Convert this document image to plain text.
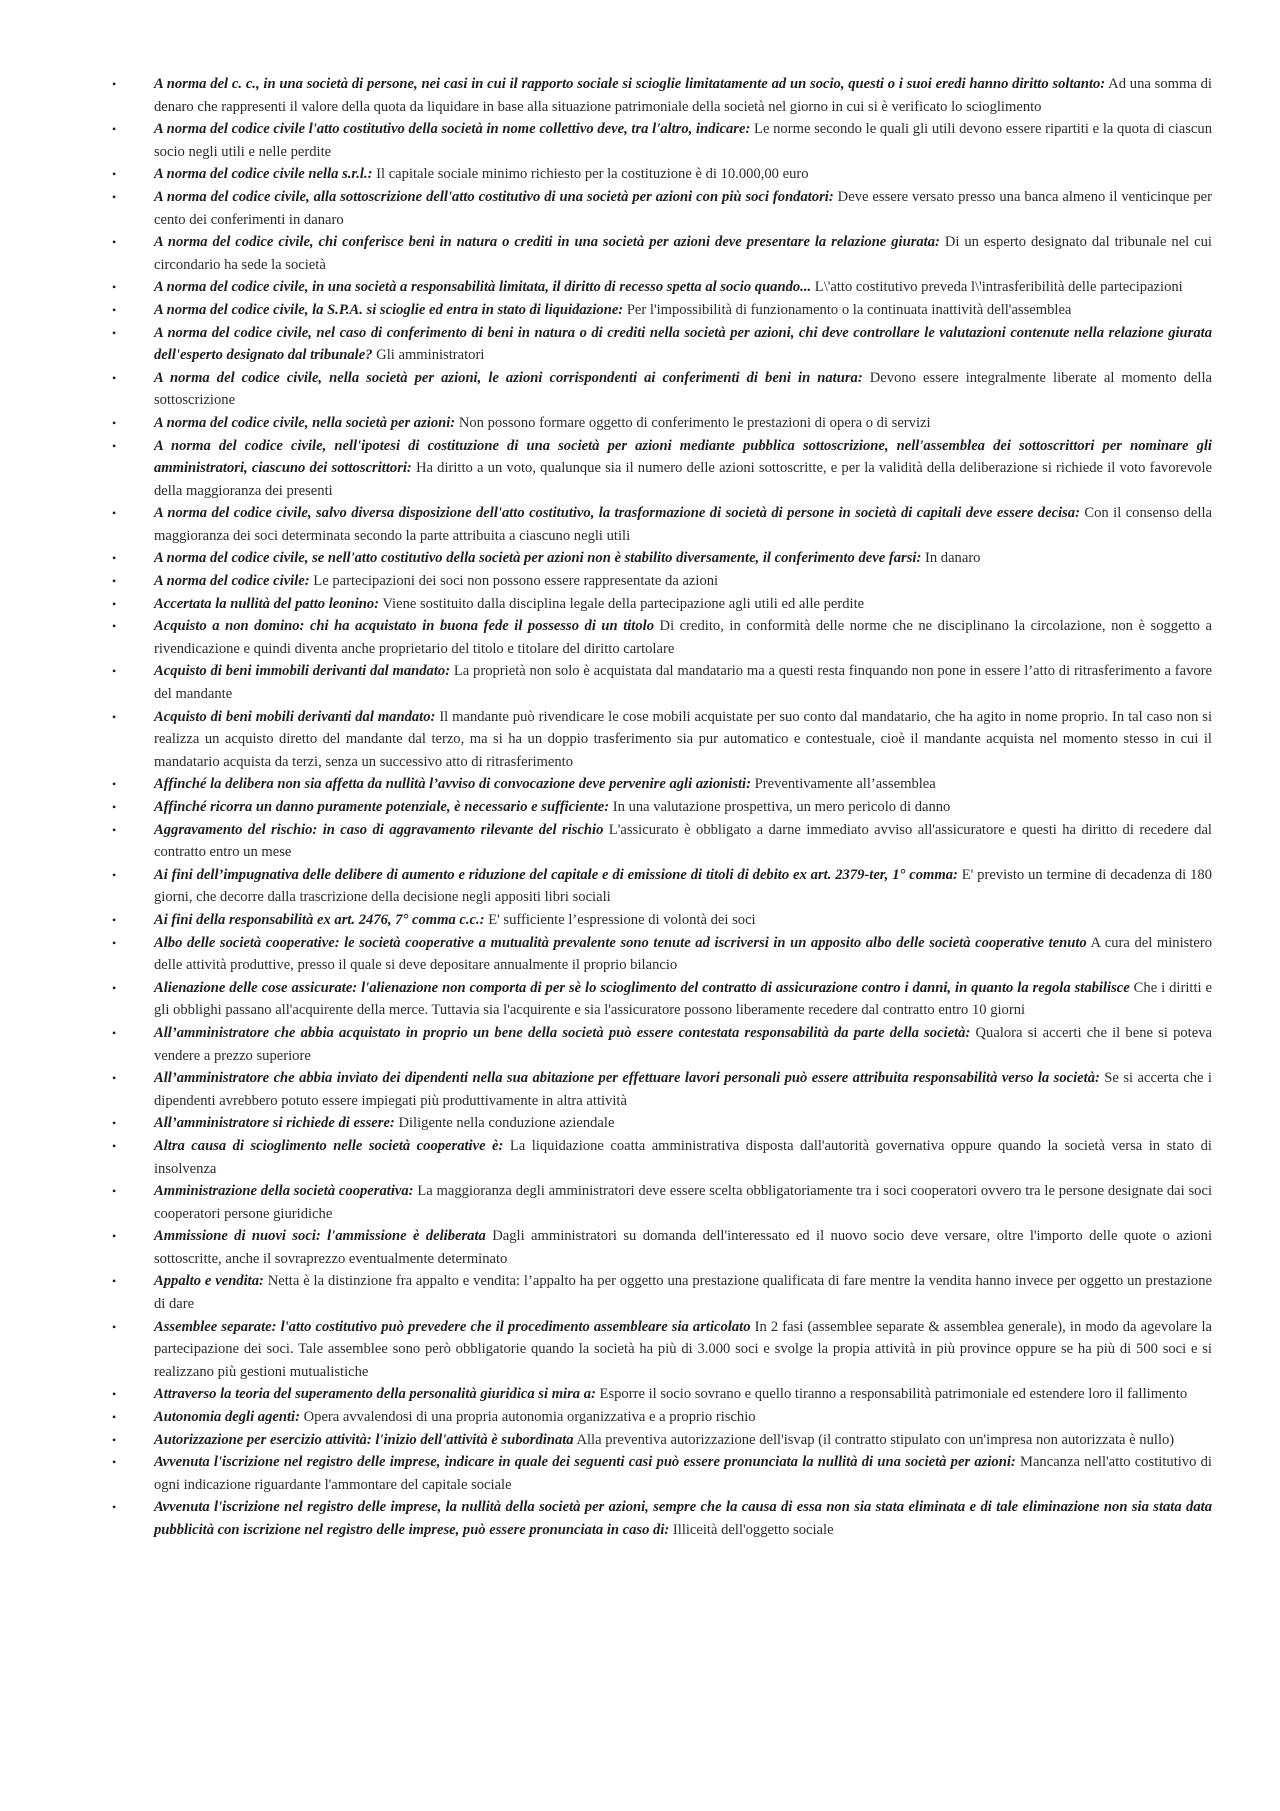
•	A norma del c. c., in una società di persone, nei casi in cui il rapporto sociale si scioglie limitatamente ad un socio, questi o i suoi eredi hanno diritto soltanto: Ad una somma di denaro che rappresenti il valore della quota da liquidare in base alla situazione patrimoniale della società nel giorno in cui si è verificato lo scioglimento
•	A norma del codice civile l'atto costitutivo della società in nome collettivo deve, tra l'altro, indicare: Le norme secondo le quali gli utili devono essere ripartiti e la quota di ciascun socio negli utili e nelle perdite
•	A norma del codice civile nella s.r.l.: Il capitale sociale minimo richiesto per la costituzione è di 10.000,00 euro
•	A norma del codice civile, alla sottoscrizione dell'atto costitutivo di una società per azioni con più soci fondatori: Deve essere versato presso una banca almeno il venticinque per cento dei conferimenti in danaro
•	A norma del codice civile, chi conferisce beni in natura o crediti in una società per azioni deve presentare la relazione giurata: Di un esperto designato dal tribunale nel cui circondario ha sede la società
•	A norma del codice civile, in una società a responsabilità limitata, il diritto di recesso spetta al socio quando... L\'atto costitutivo preveda l\'intrasferibilità delle partecipazioni
•	A norma del codice civile, la S.P.A. si scioglie ed entra in stato di liquidazione: Per l'impossibilità di funzionamento o la continuata inattività dell'assemblea
•	A norma del codice civile, nel caso di conferimento di beni in natura o di crediti nella società per azioni, chi deve controllare le valutazioni contenute nella relazione giurata dell'esperto designato dal tribunale? Gli amministratori
•	A norma del codice civile, nella società per azioni, le azioni corrispondenti ai conferimenti di beni in natura: Devono essere integralmente liberate al momento della sottoscrizione
•	A norma del codice civile, nella società per azioni: Non possono formare oggetto di conferimento le prestazioni di opera o di servizi
•	A norma del codice civile, nell'ipotesi di costituzione di una società per azioni mediante pubblica sottoscrizione, nell'assemblea dei sottoscrittori per nominare gli amministratori, ciascuno dei sottoscrittori: Ha diritto a un voto, qualunque sia il numero delle azioni sottoscritte, e per la validità della deliberazione si richiede il voto favorevole della maggioranza dei presenti
•	A norma del codice civile, salvo diversa disposizione dell'atto costitutivo, la trasformazione di società di persone in società di capitali deve essere decisa: Con il consenso della maggioranza dei soci determinata secondo la parte attribuita a ciascuno negli utili
•	A norma del codice civile, se nell'atto costitutivo della società per azioni non è stabilito diversamente, il conferimento deve farsi: In danaro
•	A norma del codice civile: Le partecipazioni dei soci non possono essere rappresentate da azioni
•	Accertata la nullità del patto leonino: Viene sostituito dalla disciplina legale della partecipazione agli utili ed alle perdite
•	Acquisto a non domino: chi ha acquistato in buona fede il possesso di un titolo Di credito, in conformità delle norme che ne disciplinano la circolazione, non è soggetto a rivendicazione e quindi diventa anche proprietario del titolo e titolare del diritto cartolare
•	Acquisto di beni immobili derivanti dal mandato: La proprietà non solo è acquistata dal mandatario ma a questi resta finquando non pone in essere l’atto di ritrasferimento a favore del mandante
•	Acquisto di beni mobili derivanti dal mandato: Il mandante può rivendicare le cose mobili acquistate per suo conto dal mandatario, che ha agito in nome proprio. In tal caso non si realizza un acquisto diretto del mandante dal terzo, ma si ha un doppio trasferimento sia pur automatico e contestuale, cioè il mandante acquista nel momento stesso in cui il mandatario acquista da terzi, senza un successivo atto di ritrasferimento
•	Affinché la delibera non sia affetta da nullità l’avviso di convocazione deve pervenire agli azionisti: Preventivamente all’assemblea
•	Affinché ricorra un danno puramente potenziale, è necessario e sufficiente: In una valutazione prospettiva, un mero pericolo di danno
•	Aggravamento del rischio: in caso di aggravamento rilevante del rischio L'assicurato è obbligato a darne immediato avviso all'assicuratore e questi ha diritto di recedere dal contratto entro un mese
•	Ai fini dell’impugnativa delle delibere di aumento e riduzione del capitale e di emissione di titoli di debito ex art. 2379-ter, 1° comma: E' previsto un termine di decadenza di 180 giorni, che decorre dalla trascrizione della decisione negli appositi libri sociali
•	Ai fini della responsabilità ex art. 2476, 7° comma c.c.: E' sufficiente l’espressione di volontà dei soci
•	Albo delle società cooperative: le società cooperative a mutualità prevalente sono tenute ad iscriversi in un apposito albo delle società cooperative tenuto A cura del ministero delle attività produttive, presso il quale si deve depositare annualmente il proprio bilancio
•	Alienazione delle cose assicurate: l'alienazione non comporta di per sè lo scioglimento del contratto di assicurazione contro i danni, in quanto la regola stabilisce Che i diritti e gli obblighi passano all'acquirente della merce. Tuttavia sia l'acquirente e sia l'assicuratore possono liberamente recedere dal contratto entro 10 giorni
•	All’amministratore che abbia acquistato in proprio un bene della società può essere contestata responsabilità da parte della società: Qualora si accerti che il bene si poteva vendere a prezzo superiore
•	All’amministratore che abbia inviato dei dipendenti nella sua abitazione per effettuare lavori personali può essere attribuita responsabilità verso la società: Se si accerta che i dipendenti avrebbero potuto essere impiegati più produttivamente in altra attività
•	All’amministratore si richiede di essere: Diligente nella conduzione aziendale
•	Altra causa di scioglimento nelle società cooperative è: La liquidazione coatta amministrativa disposta dall'autorità governativa oppure quando la società versa in stato di insolvenza
•	Amministrazione della società cooperativa: La maggioranza degli amministratori deve essere scelta obbligatoriamente tra i soci cooperatori ovvero tra le persone designate dai soci cooperatori persone giuridiche
•	Ammissione di nuovi soci: l'ammissione è deliberata Dagli amministratori su domanda dell'interessato ed il nuovo socio deve versare, oltre l'importo delle quote o azioni sottoscritte, anche il sovraprezzo eventualmente determinato
•	Appalto e vendita: Netta è la distinzione fra appalto e vendita: l’appalto ha per oggetto una prestazione qualificata di fare mentre la vendita hanno invece per oggetto un prestazione di dare
•	Assemblee separate: l'atto costitutivo può prevedere che il procedimento assembleare sia articolato In 2 fasi (assemblee separate & assemblea generale), in modo da agevolare la partecipazione dei soci. Tale assemblee sono però obbligatorie quando la società ha più di 3.000 soci e svolge la propia attività in più province oppure se ha più di 500 soci e si realizzano più gestioni mutualistiche
•	Attraverso la teoria del superamento della personalità giuridica si mira a: Esporre il socio sovrano e quello tiranno a responsabilità patrimoniale ed estendere loro il fallimento
•	Autonomia degli agenti: Opera avvalendosi di una propria autonomia organizzativa e a proprio rischio
•	Autorizzazione per esercizio attività: l'inizio dell'attività è subordinata Alla preventiva autorizzazione dell'isvap (il contratto stipulato con un'impresa non autorizzata è nullo)
•	Avvenuta l'iscrizione nel registro delle imprese, indicare in quale dei seguenti casi può essere pronunciata la nullità di una società per azioni: Mancanza nell'atto costitutivo di ogni indicazione riguardante l'ammontare del capitale sociale
•	Avvenuta l'iscrizione nel registro delle imprese, la nullità della società per azioni, sempre che la causa di essa non sia stata eliminata e di tale eliminazione non sia stata data pubblicità con iscrizione nel registro delle imprese, può essere pronunciata in caso di: Illiceità dell'oggetto sociale
